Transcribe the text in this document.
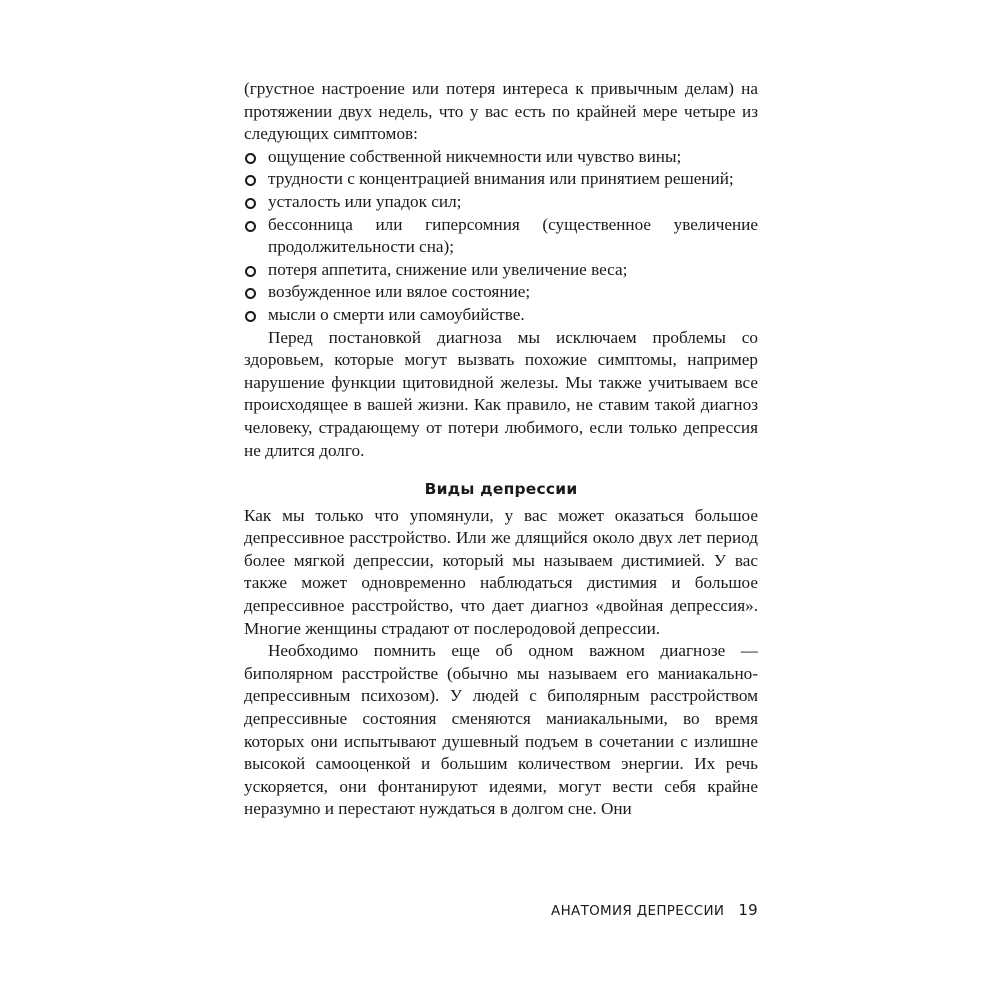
(грустное настроение или потеря интереса к привычным делам) на протяжении двух недель, что у вас есть по крайней мере четыре из следующих симптомов:

ощущение собственной никчемности или чувство вины;
трудности с концентрацией внимания или принятием решений;
усталость или упадок сил;
бессонница или гиперсомния (существенное увеличение продолжительности сна);
потеря аппетита, снижение или увеличение веса;
возбужденное или вялое состояние;
мысли о смерти или самоубийстве.

Перед постановкой диагноза мы исключаем проблемы со здоровьем, которые могут вызвать похожие симптомы, например нарушение функции щитовидной железы. Мы также учитываем все происходящее в вашей жизни. Как правило, не ставим такой диагноз человеку, страдающему от потери любимого, если только депрессия не длится долго.

Виды депрессии

Как мы только что упомянули, у вас может оказаться большое депрессивное расстройство. Или же длящийся около двух лет период более мягкой депрессии, который мы называем дистимией. У вас также может одновременно наблюдаться дистимия и большое депрессивное расстройство, что дает диагноз «двойная депрессия». Многие женщины страдают от послеродовой депрессии.

Необходимо помнить еще об одном важном диагнозе — биполярном расстройстве (обычно мы называем его маниакально-депрессивным психозом). У людей с биполярным расстройством депрессивные состояния сменяются маниакальными, во время которых они испытывают душевный подъем в сочетании с излишне высокой самооценкой и большим количеством энергии. Их речь ускоряется, они фонтанируют идеями, могут вести себя крайне неразумно и перестают нуждаться в долгом сне. Они

АНАТОМИЯ ДЕПРЕССИИ 19
